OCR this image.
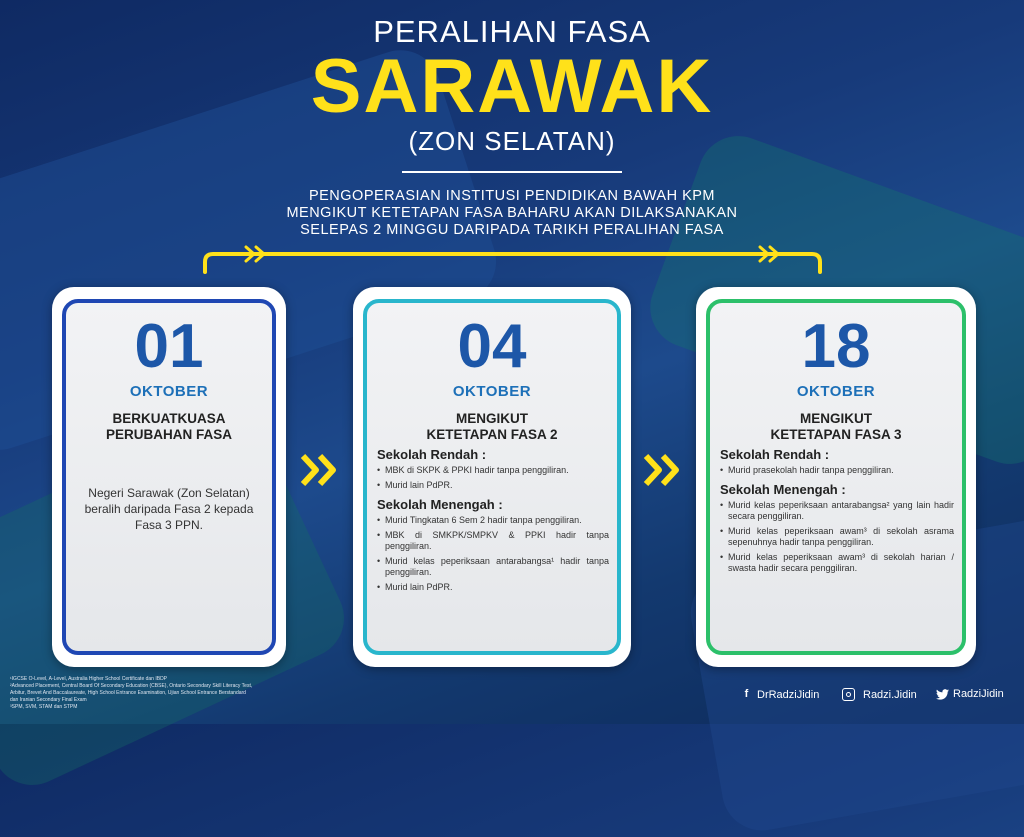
PERALIHAN FASA
SARAWAK
(ZON SELATAN)
PENGOPERASIAN INSTITUSI PENDIDIKAN BAWAH KPM
MENGIKUT KETETAPAN FASA BAHARU AKAN DILAKSANAKAN
SELEPAS 2 MINGGU DARIPADA TARIKH PERALIHAN FASA
01
OKTOBER
BERKUATKUASA
PERUBAHAN FASA
Negeri Sarawak (Zon Selatan) beralih daripada Fasa 2 kepada Fasa 3 PPN.
04
OKTOBER
MENGIKUT
KETETAPAN FASA 2
Sekolah Rendah :
• MBK di SKPK & PPKI hadir tanpa penggiliran.
• Murid lain PdPR.
Sekolah Menengah :
• Murid Tingkatan 6 Sem 2 hadir tanpa penggiliran.
• MBK di SMKPK/SMPKV & PPKI hadir tanpa penggiliran.
• Murid kelas peperiksaan antarabangsa¹ hadir tanpa penggiliran.
• Murid lain PdPR.
18
OKTOBER
MENGIKUT
KETETAPAN FASA 3
Sekolah Rendah :
• Murid prasekolah hadir tanpa penggiliran.
Sekolah Menengah :
• Murid kelas peperiksaan antarabangsa² yang lain hadir secara penggiliran.
• Murid kelas peperiksaan awam³ di sekolah asrama sepenuhnya hadir tanpa penggiliran.
• Murid kelas peperiksaan awam³ di sekolah harian / swasta hadir secara penggiliran.
¹IGCSE O-Level, A-Level, Australia Higher School Certificate dan IBDP
²Advanced Placement, Central Board Of Secondary Education (CBSE), Ontario Secondary Skill Literacy Test,
Arbitur, Brevet And Baccalaureate, High School Entrance Examination, Ujian School Entrance Berstandard
dan Iranian Secondary Final Exam
³SPM, SVM, STAM dan STPM
f DrRadziJidin	Radzi.Jidin	RadziJidin
